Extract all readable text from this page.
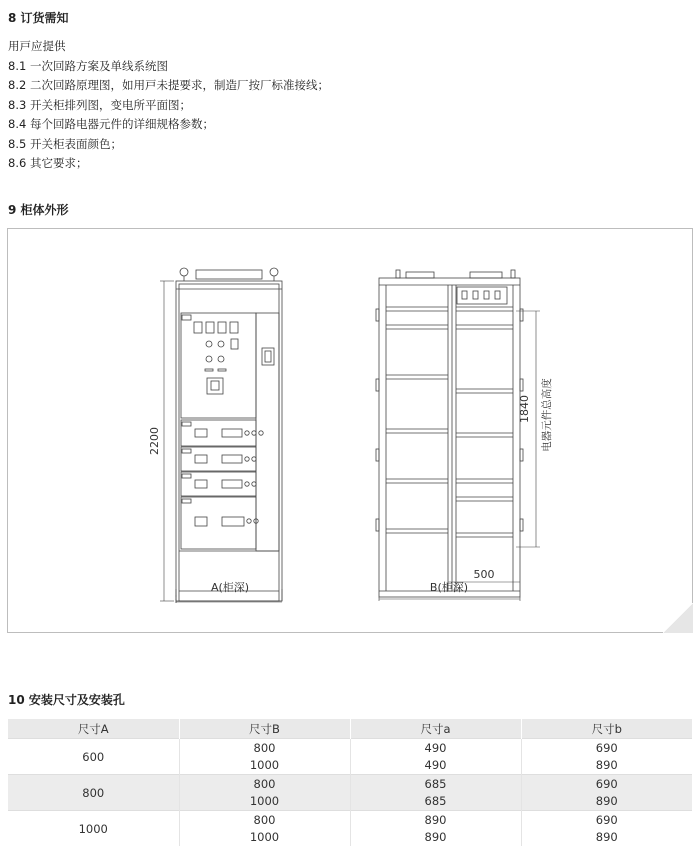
8 订货需知
用戸应提供
8.1 一次回路方案及单线系统图
8.2 二次回路原理图，如用戸未提要求，制造厂按厂标准接线；
8.3 开关柜排列图，变电所平面图；
8.4 每个回路电器元件的详细规格参数；
8.5 开关柜表面颜色；
8.6 其它要求；
9 柜体外形
2200
A(柜深)	B(柜深)
500
1840 电器元件总高度
10 安装尺寸及安装孔
尺寸A	尺寸B	尺寸a	尺寸b
600	800	490	690
	1000	490	890
800	800	685	690
	1000	685	890
1000	800	890	690
	1000	890	890
